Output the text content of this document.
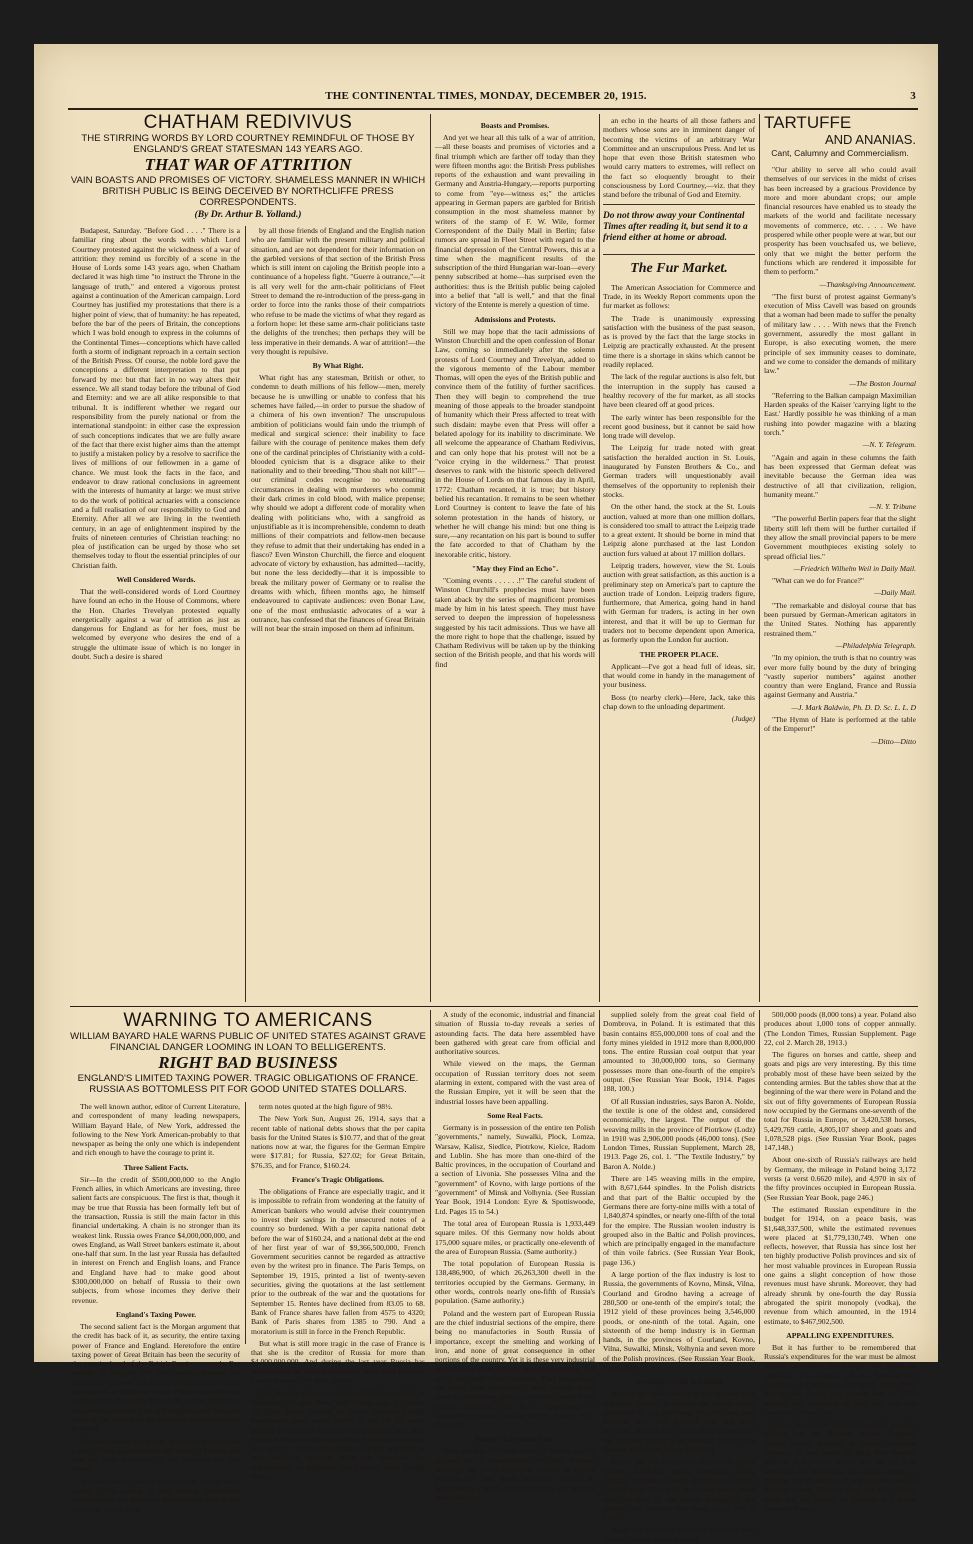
THE CONTINENTAL TIMES, MONDAY, DECEMBER 20, 1915.	3
CHATHAM REDIVIVUS
THE STIRRING WORDS BY LORD COURTNEY REMINDFUL OF THOSE BY ENGLAND'S GREAT STATESMAN 143 YEARS AGO.
THAT WAR OF ATTRITION
VAIN BOASTS AND PROMISES OF VICTORY. SHAMELESS MANNER IN WHICH BRITISH PUBLIC IS BEING DECEIVED BY NORTHCLIFFE PRESS CORRESPONDENTS.
(By Dr. Arthur B. Yolland.)

Budapest, Saturday. "Before God . . . ." There is a familiar ring about the words with which Lord Courtney protested against the wickedness of a war of attrition: they remind us forcibly of a scene in the House of Lords some 143 years ago, when Chatham declared it was high time "to instruct the Throne in the language of truth," and entered a vigorous protest against a continuation of the American campaign. Lord Courtney has justified my protestations that there is a higher point of view, that of humanity: he has repeated, before the bar of the peers of Britain, the conceptions which I was bold enough to express in the columns of the Continental Times—conceptions which have called forth a storm of indignant reproach in a certain section of the British Press. Of course, the noble lord gave the conceptions a different interpretation to that put forward by me: but that fact in no way alters their essence. We all stand today before the tribunal of God and Eternity: and we are all alike responsible to that tribunal. It is indifferent whether we regard our responsibility from the purely national or from the international standpoint: in either case the expression of such conceptions indicates that we are fully aware of the fact that there exist higher aims than the attempt to justify a mistaken policy by a resolve to sacrifice the lives of millions of our fellowmen in a game of chance. We must look the facts in the face, and endeavor to draw rational conclusions in agreement with the interests of humanity at large: we must strive to do the work of political actuaries with a conscience and a full realisation of our responsibility to God and Eternity. After all we are living in the twentieth century, in an age of enlightenment inspired by the fruits of nineteen centuries of Christian teaching: no plea of justification can be urged by those who set themselves today to flout the essential principles of our Christian faith.

Well Considered Words.

That the well-considered words of Lord Courtney have found an echo in the House of Commons, where the Hon. Charles Trevelyan protested equally energetically against a war of attrition as just as dangerous for England as for her foes, must be welcomed by everyone who desires the end of a struggle the ultimate issue of which is no longer in doubt. Such a desire is shared

by all those friends of England and the English nation who are familiar with the present military and political situation, and are not dependent for their information on the garbled versions of that section of the British Press which is still intent on cajoling the British people into a continuance of a hopeless fight. "Guerre à outrance,"—it is all very well for the arm-chair politicians of Fleet Street to demand the re-introduction of the press-gang in order to force into the ranks those of their compatriots who refuse to be made the victims of what they regard as a forlorn hope: let these same arm-chair politicians taste the delights of the trenches; then perhaps they will be less imperative in their demands. A war of attrition!—the very thought is repulsive.

By What Right.

What right has any statesman, British or other, to condemn to death millions of his fellow—men, merely because he is unwilling or unable to confess that his schemes have failed,—in order to pursue the shadow of a chimera of his own invention? The unscrupulous ambition of politicians would fain undo the triumph of medical and surgical science: their inability to face failure with the courage of penitence makes them defy one of the cardinal principles of Christianity with a cold-blooded cynicism that is a disgrace alike to their nationality and to their breeding."Thou shalt not kill!"—our criminal codes recognise no extenuating circumstances in dealing with murderers who commit their dark crimes in cold blood, with malice prepense; why should we adopt a different code of morality when dealing with politicians who, with a sangfroid as unjustifiable as it is incomprehensible, condemn to death millions of their compatriots and fellow-men because they refuse to admit that their undertaking has ended in a fiasco? Even Winston Churchill, the fierce and eloquent advocate of victory by exhaustion, has admitted—tacitly, but none the less decidedly—that it is impossible to break the military power of Germany or to realise the dreams with which, fifteen months ago, he himself endeavoured to captivate audiences: even Bonar Law, one of the most enthusiastic advocates of a war à outrance, has confessed that the finances of Great Britain will not bear the strain imposed on them ad infinitum.

Boasts and Promises.

And yet we hear all this talk of a war of attrition,—all these boasts and promises of victories and a final triumph which are farther off today than they were fifteen months ago: the British Press publishes reports of the exhaustion and want prevailing in Germany and Austria-Hungary,—reports purporting to come from "eye—witness es;" the articles appearing in German papers are garbled for British consumption in the most shameless manner by writers of the stamp of F. W. Wile, former Correspondent of the Daily Mail in Berlin; false rumors are spread in Fleet Street with regard to the financial depression of the Central Powers, this at a time when the magnificent results of the subscription of the third Hungarian war-loan—every penny subscribed at home—has surprised even the authorities: thus is the British public being cajoled into a belief that "all is well," and that the final victory of the Entente is merely a question of time.

Admissions and Protests.

Still we may hope that the tacit admissions of Winston Churchill and the open confession of Bonar Law, coming so immediately after the solemn protests of Lord Courtney and Trevelyan, added to the vigorous memento of the Labour member Thomas, will open the eyes of the British public and convince them of the futility of further sacrifices. Then they will begin to comprehend the true meaning of those appeals to the broader standpoint of humanity which their Press affected to treat with such disdain: maybe even that Press will offer a belated apology for its inability to discriminate. We all welcome the appearance of Chatham Redivivus, and can only hope that his protest will not be a "voice crying in the wilderness." That protest deserves to rank with the historic speech delivered in the House of Lords on that famous day in April, 1772: Chatham recanted, it is true; but history belied his recantation. It remains to be seen whether Lord Courtney is content to leave the fate of his solemn protestation in the hands of history, or whether he will change his mind: but one thing is sure,—any recantation on his part is bound to suffer the fate accorded to that of Chatham by the inexorable critic, history.

"May they Find an Echo".

"Coming events . . . . . .!" The careful student of Winston Churchill's prophecies must have been taken aback by the series of magnificent promises made by him in his latest speech. They must have served to deepen the impression of hopelessness suggested by his tacit admissions. Thus we have all the more right to hope that the challenge, issued by Chatham Redivivus will be taken up by the thinking section of the British people, and that his words will find

an echo in the hearts of all those fathers and mothers whose sons are in imminent danger of becoming the victims of an arbitrary War Committee and an unscrupulous Press. And let us hope that even those British statesmen who would carry matters to extremes, will reflect on the fact so eloquently brought to their consciousness by Lord Courtney,—viz. that they stand before the tribunal of God and Eternity.

Do not throw away your Continental Times after reading it, but send it to a friend either at home or abroad.
The Fur Market.

The American Association for Commerce and Trade, in its Weekly Report comments upon the fur market as follows:

The Trade is unanimously expressing satisfaction with the business of the past season, as is proved by the fact that the large stocks in Leipzig are practically exhausted. At the present time there is a shortage in skins which cannot be readily replaced.

The lack of the regular auctions is also felt, but the interruption in the supply has caused a healthy recovery of the fur market, as all stocks have been cleared off at good prices.

The early winter has been responsible for the recent good business, but it cannot be said how long trade will develop.

The Leipzig fur trade noted with great satisfaction the heralded auction in St. Louis, inaugurated by Funsten Brothers & Co., and German traders will unquestionably avail themselves of the opportunity to replenish their stocks.

On the other hand, the stock at the St. Louis auction, valued at more than one million dollars, is considered too small to attract the Leipzig trade to a great extent. It should be borne in mind that Leipzig alone purchased at the last London auction furs valued at about 17 million dollars.

Leipzig traders, however, view the St. Louis auction with great satisfaction, as this auction is a preliminary step on America's part to capture the auction trade of London. Leipzig traders figure, furthermore, that America, going hand in hand with German fur traders, is acting in her own interest, and that it will be up to German fur traders not to become dependent upon America, as formerly upon the London fur auction.

THE PROPER PLACE.

Applicant—I've got a head full of ideas, sir, that would come in handy in the management of your business.

Boss (to nearby clerk)—Here, Jack, take this chap down to the unloading department.

(Judge)

TARTUFFE
AND ANANIAS.
Cant, Calumny and Commercialism.

"Our ability to serve all who could avail themselves of our services in the midst of crises has been increased by a gracious Providence by more and more abundant crops; our ample financial resources have enabled us to steady the markets of the world and facilitate necessary movements of commerce, etc. . . . We have prospered while other people were at war, but our prosperity has been vouchsafed us, we believe, only that we might the better perform the functions which are rendered it impossible for them to perform."

—Thanksgiving Announcement.

"The first burst of protest against Germany's execution of Miss Cavell was based on grounds that a woman had been made to suffer the penalty of military law . . . . With news that the French government, assuredly the most gallant in Europe, is also executing women, the mere principle of sex immunity ceases to dominate, and we come to consider the demands of military law."

—The Boston Journal

"Referring to the Balkan campaign Maximilian Harden speaks of the Kaiser 'carrying light to the East.' Hardly possible he was thinking of a man rushing into powder magazine with a blazing torch."

—N. Y. Telegram.

"Again and again in these columns the faith has been expressed that German defeat was inevitable because the German idea was destructive of all that civilization, religion, humanity meant."

—N. Y. Tribune

"The powerful Berlin papers fear that the slight liberty still left them will be further curtailed if they allow the small provincial papers to be mere Government mouthpieces existing solely to spread official lies."

—Friedrich Wilhelm Weil in Daily Mail.

"What can we do for France?"

—Daily Mail.

"The remarkable and disloyal course that has been pursued by German-American agitators in the United States. Nothing has apparently restrained them."

—Philadelphia Telegraph.

"In my opinion, the truth is that no country was ever more fully bound by the duty of bringing "vastly superior numbers" against another country than were England, France and Russia against Germany and Austria."

—J. Mark Baldwin, Ph. D. D. Sc. L. L. D

"The Hymn of Hate is performed at the table of the Emperor!"

—Ditto—Ditto

WARNING TO AMERICANS
WILLIAM BAYARD HALE WARNS PUBLIC OF UNITED STATES AGAINST GRAVE FINANCIAL DANGER LOOMING IN LOAN TO BELLIGERENTS.
RIGHT BAD BUSINESS
ENGLAND'S LIMITED TAXING POWER. TRAGIC OBLIGATIONS OF FRANCE. RUSSIA AS BOTTOMLESS PIT FOR GOOD UNITED STATES DOLLARS.

The well known author, editor of Current Literature, and correspondent of many leading newspapers, William Bayard Hale, of New York, addressed the following to the New York American-probably to that newspaper as being the only one which is independent and rich enough to have the courage to print it.

Three Salient Facts.

Sir—In the credit of $500,000,000 to the Anglo French allies, in which Americans are investing, three salient facts are conspicuous. The first is that, though it may be true that Russia has been formally left but of the transaction, Russia is still the main factor in this financial undertaking. A chain is no stronger than its weakest link. Russia owes France $4,000,000,000, and owes England, as Wall Street bankers estimate it, about one-half that sum. In the last year Russia has defaulted in interest on French and English loans, and France and England have had to make good about $300,000,000 on behalf of Russia to their own subjects, from whose incomes they derive their revenue.

England's Taxing Power.

The second salient fact is the Morgan argument that the credit has back of it, as security, the entire taxing power of France and England. Heretofore the entire taxing power of Great Britain has been the security of the premier bond of the British Empire—consols. But nobody in England will buy consols, because the British Government will not permit them to be sold at less than 65, a "minimum" price. If that minimum were removed, consols might drop to 40 or less. If this has happened to consols, what will happen to the five-year notes of the allies with the American people's savings in them?

The third salient fact is that, at the end of more than a year of war, a moratorium still exists in France, and that the price quotations of her securities are still unreal.

In other words, neither England nor France dares permit a free market in their leading government securities, but yet these two governments offer to the American public short

term notes quoted at the high figure of 98½.

The New York Sun, August 26, 1914, says that a recent table of national debts shows that the per capita basis for the United States is $10.77, and that of the great nations now at war, the figures for the German Empire were $17.81; for Russia, $27.02; for Great Britain, $76.35, and for France, $160.24.

France's Tragic Obligations.

The obligations of France are especially tragic, and it is impossible to refrain from wondering at the fatuity of American bankers who would advise their countrymen to invest their savings in the unsecured notes of a country so burdened. With a per capita national debt before the war of $160.24, and a national debt at the end of her first year of war of $9,366,500,000, French Government securities cannot be regarded as attractive even by the writest pro in finance. The Paris Temps, on September 19, 1915, printed a list of twenty-seven securities, giving the quotations at the last settlement prior to the outbreak of the war and the quotations for September 15. Rentes have declined from 83.05 to 68. Bank of France shares have fallen from 4575 to 4320; Bank of Paris shares from 1385 to 790. And a moratorium is still in force in the French Republic.

But what is still more tragic in the case of France is that she is the creditor of Russia for more than $4,000,000,000. And during the last year Russia has defaulted on the interest payments. What hope have the French investors for their capital?

The Morgan interests, in their publicity statement of September 28, said (New York Times, page 1, column 3): "One year's income on Great Britain's foreign investments alone would suffice to pay off the entire amount of the credit which is now proposed here. And French national income and foreign investments are also very great." The dangerous fallacy of this argument at once becomes apparent when one examines the responsibility of England's and France's chief foreign debtor.

A study of the economic, industrial and financial situation of Russia to-day reveals a series of astounding facts. The data here assembled have been gathered with great care from official and authoritative sources.

While viewed on the maps, the German occupation of Russian territory does not seem alarming in extent, compared with the vast area of the Russian Empire, yet it will be seen that the industrial losses have been appalling.

Some Real Facts.

Germany is in possession of the entire ten Polish "governments," namely, Suwalki, Plock, Lomza, Warsaw, Kalisz, Siedlce, Piotrkow, Kielce, Radom and Lublin. She has more than one-third of the Baltic provinces, in the occupation of Courland and a section of Livonia. She possesses Vilna and the "government" of Kovno, with large portions of the "government" of Minsk and Volhynia. (See Russian Year Book, 1914 London: Eyre & Spottiswoode, Ltd. Pages 15 to 54.)

The total area of European Russia is 1,933,449 square miles. Of this Germany now holds about 175,000 square miles, or practically one-eleventh of the area of European Russia. (Same authority.)

The total population of European Russia is 138,486,900, of which 26,263,300 dwell in the territories occupied by the Germans. Germany, in other words, controls nearly one-fifth of Russia's population. (Same authority.)

Poland and the western part of European Russia are the chief industrial sections of the empire, there being no manufactories in South Russia of importance, except the smelting and working of iron, and none of great consequence in other portions of the country. Yet it is these very industrial sections, the most densely populated centres, that are in the hands of the Germans. They have seized the Baltic chief industries, a large portion of her great manufacturing plants, and control many of her natural resources. (See U. S. Department of Commerce, Special Consular Report. Russia, 1913. Page 14.)

Russia's Enormous Loss.

What the loss of Poland means to Russia may be grasped by a consideration of what follows. Although she owns large coal deposits in several portions of her great territory, Russia is, nevertheless, a heavy importer of coal. Her western industries were

supplied solely from the great coal field of Dombrova, in Poland. It is estimated that this basin contains 855,000,000 tons of coal and the forty mines yielded in 1912 more than 8,000,000 tons. The entire Russian coal output that year amounted to 30,000,000 tons, so Germany possesses more than one-fourth of the empire's output. (See Russian Year Book, 1914. Pages 188, 100.)

Of all Russian industries, says Baron A. Nolde, the textile is one of the oldest and, considered economically, the largest. The output of the weaving mills in the province of Piotrkow (Lodz) in 1910 was 2,906,000 poods (46,000 tons). (See London Times, Russian Supplement, March 28, 1913. Page 26, col. 1. "The Textile Industry," by Baron A. Nolde.)

There are 145 weaving mills in the empire, with 8,671,644 spindles. In the Polish districts and that part of the Baltic occupied by the Germans there are forty-nine mills with a total of 1,840,874 spindles, or nearly one-fifth of the total for the empire. The Russian woolen industry is grouped also in the Baltic and Polish provinces, which are principally engaged in the manufacture of thin voile fabrics. (See Russian Year Book, page 136.)

A large portion of the flax industry is lost to Russia, the governments of Kovno, Minsk, Vilna, Courland and Grodno having a acreage of 280,500 or one-tenth of the empire's total; the 1912 yield of these provinces being 3,546,000 poods, or one-ninth of the total. Again, one sixteenth of the hemp industry is in German hands, in the provinces of Courland, Kovno, Vilna, Suwalki, Minsk, Volhynia and seven more of the Polish provinces. (See Russian Year Book, Page 125.)

Germany's Gain in Poland.

Among the chief centres of the Russian iron and steel industry is Poland, the annual Polish production in pig iron being 386,000 tons; steel 448,000 tons, and finished iron and steel products, 363,000 tons. More than one-tenth of the empire's output is in German hands. (See Russian Year Book, pages 200-201.)

Poland has the largest area devoted to potato culture, 1,498,488 acres; Lithuania having 770,534, and one—third of the Baltic provinces, 110,000 acres. This is all in German hands, more than one-third of the potato acreage of the empire. (See Russian Year Book, pages 165 to 176.)

Again zinc is chiefly produced in Poland, near Olkusz, and her output is about

500,000 poods (8,000 tons) a year. Poland also produces about 1,000 tons of copper annually. (The London Times, Russian Supplement. Page 22, col 2. March 28, 1913.)

The figures on horses and cattle, sheep and goats and pigs are very interesting. By this time probably most of these have been seized by the contending armies. But the tables show that at the beginning of the war there were in Poland and the six out of fifty governments of European Russia now occupied by the Germans one-seventh of the total for Russia in Europe, or 3,420,538 horses, 5,429,769 cattle, 4,805,107 sheep and goats and 1,078,528 pigs. (See Russian Year Book, pages 147,148.)

About one-sixth of Russia's railways are held by Germany, the mileage in Poland being 3,172 versts (a verst 0.6620 mile), and 4,970 in six of the fifty provinces occupied in European Russia. (See Russian Year Book, page 246.)

The estimated Russian expenditure in the budget for 1914, on a peace basis, was $1,648,337,500, while the estimated revenues were placed at $1,779,130,749. When one reflects, however, that Russia has since lost her ten highly productive Polish provinces and six of her most valuable provinces in European Russia one gains a slight conception of how those revenues must have shrunk. Moreover, they had already shrunk by one-fourth the day Russia abrogated the spirit monopoly (vodka), the revenue from which amounted, in the 1914 estimate, to $467,902,500.

APPALLING EXPENDITURES.

But it has further to be remembered that Russia's expenditures for the war must be almost beyond calculation. Her foreign trade losses are appalling. The Journal of the Russo-British Chamber of Commerce, Petrograd, April 1915, stating that during the second half of 1914 imports had decreased by 65.6 per cent and exports by 78 per cent.

France has poured four billions of her people's savings into the Russian morass. England, already deeply involved in Russia's hopeless finances, is now ready to fling five hundred millions of American dollars into the pit. It is necessary for the allies that Russia keep on fighting. But Russia cannot, and will not, keep on fighting unless England pays her bills. Every dollar we are loaning to England is a dollar loaned to Russia.
